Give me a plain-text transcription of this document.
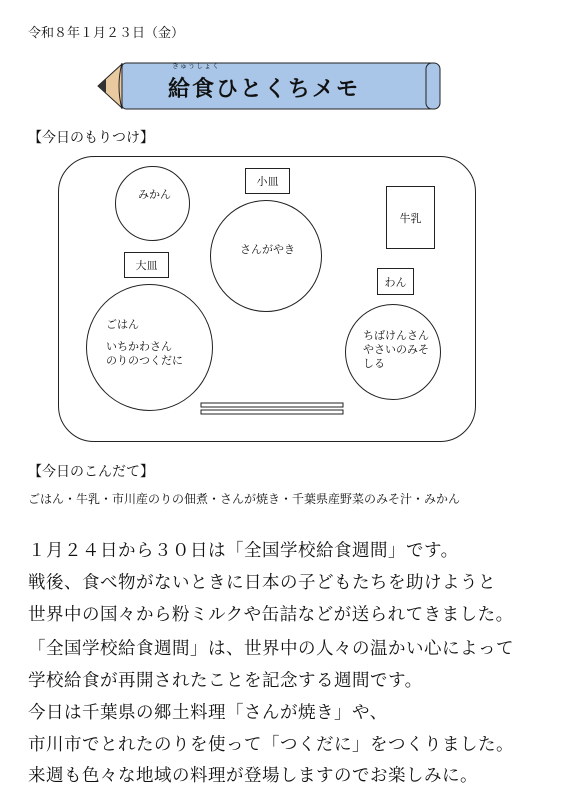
令和８年１月２３日（金）
きゅうしょく
給食ひとくちメモ
【今日のもりつけ】
みかん
小皿
さんがやき
牛乳
大皿
わん
ごはん
いちかわさん
のりのつくだに
ちばけんさん
やさいのみそ
しる
【今日のこんだて】
ごはん・牛乳・市川産のりの佃煮・さんが焼き・千葉県産野菜のみそ汁・みかん
１月２４日から３０日は「全国学校給食週間」です。
戦後、食べ物がないときに日本の子どもたちを助けようと
世界中の国々から粉ミルクや缶詰などが送られてきました。
「全国学校給食週間」は、世界中の人々の温かい心によって
学校給食が再開されたことを記念する週間です。
今日は千葉県の郷土料理「さんが焼き」や、
市川市でとれたのりを使って「つくだに」をつくりました。
来週も色々な地域の料理が登場しますのでお楽しみに。
